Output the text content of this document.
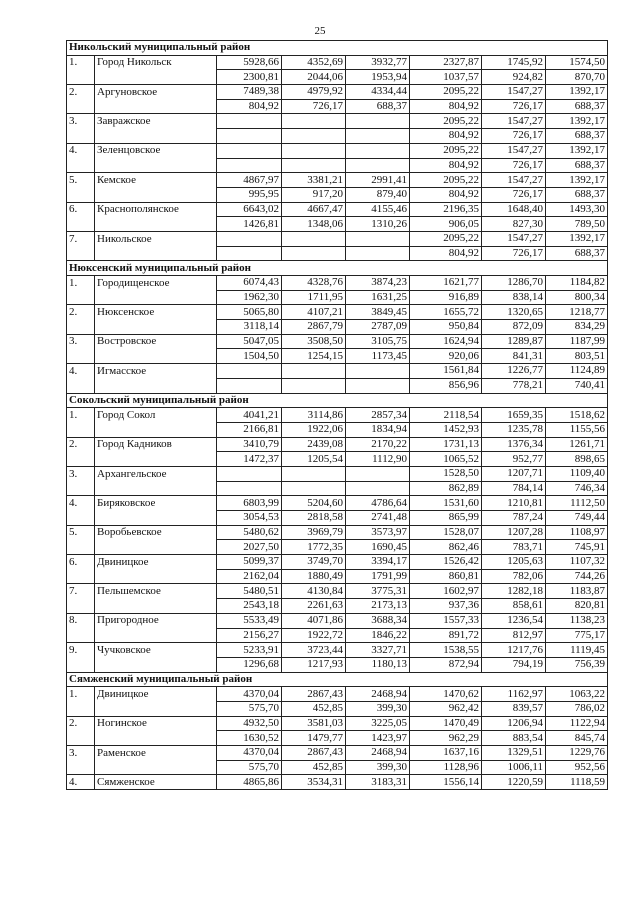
25
Никольский муниципальный район							
1.	Город Никольск	5928,66	4352,69	3932,77	2327,87	1745,92	1574,50
		2300,81	2044,06	1953,94	1037,57	924,82	870,70
2.	Аргуновское	7489,38	4979,92	4334,44	2095,22	1547,27	1392,17
		804,92	726,17	688,37	804,92	726,17	688,37
3.	Завражское				2095,22	1547,27	1392,17
					804,92	726,17	688,37
4.	Зеленцовское				2095,22	1547,27	1392,17
					804,92	726,17	688,37
5.	Кемское	4867,97	3381,21	2991,41	2095,22	1547,27	1392,17
		995,95	917,20	879,40	804,92	726,17	688,37
6.	Краснополянское	6643,02	4667,47	4155,46	2196,35	1648,40	1493,30
		1426,81	1348,06	1310,26	906,05	827,30	789,50
7.	Никольское				2095,22	1547,27	1392,17
					804,92	726,17	688,37
Нюксенский муниципальный район							
1.	Городищенское	6074,43	4328,76	3874,23	1621,77	1286,70	1184,82
		1962,30	1711,95	1631,25	916,89	838,14	800,34
2.	Нюксенское	5065,80	4107,21	3849,45	1655,72	1320,65	1218,77
		3118,14	2867,79	2787,09	950,84	872,09	834,29
3.	Востровское	5047,05	3508,50	3105,75	1624,94	1289,87	1187,99
		1504,50	1254,15	1173,45	920,06	841,31	803,51
4.	Игмасское				1561,84	1226,77	1124,89
					856,96	778,21	740,41
Сокольский муниципальный район							
1.	Город Сокол	4041,21	3114,86	2857,34	2118,54	1659,35	1518,62
		2166,81	1922,06	1834,94	1452,93	1235,78	1155,56
2.	Город Кадников	3410,79	2439,08	2170,22	1731,13	1376,34	1261,71
		1472,37	1205,54	1112,90	1065,52	952,77	898,65
3.	Архангельское				1528,50	1207,71	1109,40
					862,89	784,14	746,34
4.	Биряковское	6803,99	5204,60	4786,64	1531,60	1210,81	1112,50
		3054,53	2818,58	2741,48	865,99	787,24	749,44
5.	Воробьевское	5480,62	3969,79	3573,97	1528,07	1207,28	1108,97
		2027,50	1772,35	1690,45	862,46	783,71	745,91
6.	Двиницкое	5099,37	3749,70	3394,17	1526,42	1205,63	1107,32
		2162,04	1880,49	1791,99	860,81	782,06	744,26
7.	Пельшемское	5480,51	4130,84	3775,31	1602,97	1282,18	1183,87
		2543,18	2261,63	2173,13	937,36	858,61	820,81
8.	Пригородное	5533,49	4071,86	3688,34	1557,33	1236,54	1138,23
		2156,27	1922,72	1846,22	891,72	812,97	775,17
9.	Чучковское	5233,91	3723,44	3327,71	1538,55	1217,76	1119,45
		1296,68	1217,93	1180,13	872,94	794,19	756,39
Сямженский муниципальный район							
1.	Двиницкое	4370,04	2867,43	2468,94	1470,62	1162,97	1063,22
		575,70	452,85	399,30	962,42	839,57	786,02
2.	Ногинское	4932,50	3581,03	3225,05	1470,49	1206,94	1122,94
		1630,52	1479,77	1423,97	962,29	883,54	845,74
3.	Раменское	4370,04	2867,43	2468,94	1637,16	1329,51	1229,76
		575,70	452,85	399,30	1128,96	1006,11	952,56
4.	Сямженское	4865,86	3534,31	3183,31	1556,14	1220,59	1118,59
